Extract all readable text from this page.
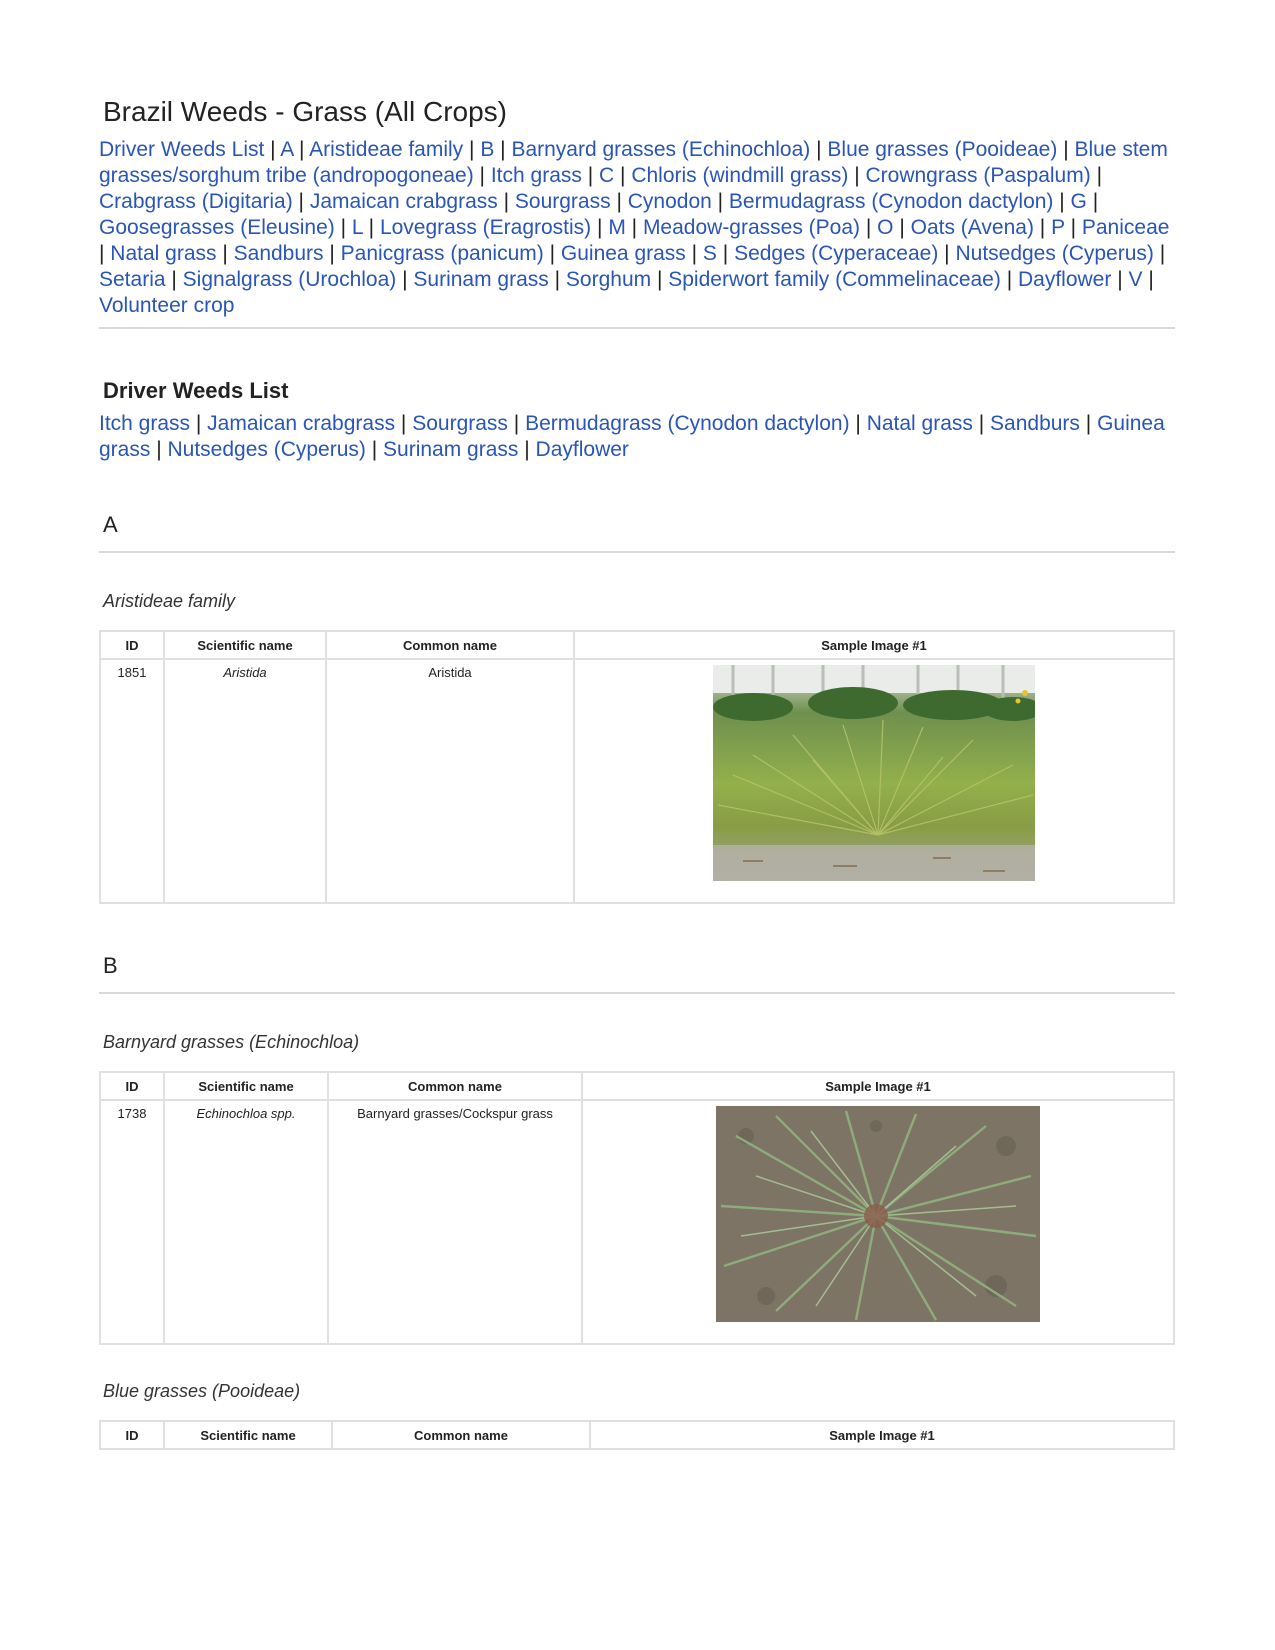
Brazil Weeds - Grass (All Crops)
Driver Weeds List | A | Aristideae family | B | Barnyard grasses (Echinochloa) | Blue grasses (Pooideae) | Blue stem grasses/sorghum tribe (andropogoneae) | Itch grass | C | Chloris (windmill grass) | Crowngrass (Paspalum) | Crabgrass (Digitaria) | Jamaican crabgrass | Sourgrass | Cynodon | Bermudagrass (Cynodon dactylon) | G | Goosegrasses (Eleusine) | L | Lovegrass (Eragrostis) | M | Meadow-grasses (Poa) | O | Oats (Avena) | P | Paniceae | Natal grass | Sandburs | Panicgrass (panicum) | Guinea grass | S | Sedges (Cyperaceae) | Nutsedges (Cyperus) | Setaria | Signalgrass (Urochloa) | Surinam grass | Sorghum | Spiderwort family (Commelinaceae) | Dayflower | V | Volunteer crop
Driver Weeds List
Itch grass | Jamaican crabgrass | Sourgrass | Bermudagrass (Cynodon dactylon) | Natal grass | Sandburs | Guinea grass | Nutsedges (Cyperus) | Surinam grass | Dayflower
A
Aristideae family
ID	Scientific name	Common name	Sample Image #1
1851	Aristida	Aristida	
B
Barnyard grasses (Echinochloa)
ID	Scientific name	Common name	Sample Image #1
1738	Echinochloa spp.	Barnyard grasses/Cockspur grass	
Blue grasses (Pooideae)
ID	Scientific name	Common name	Sample Image #1
